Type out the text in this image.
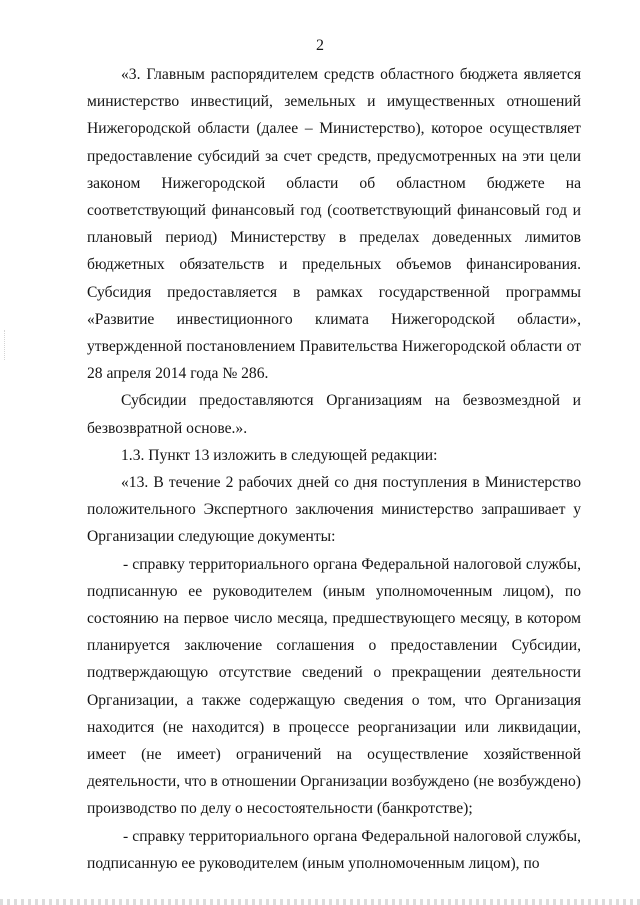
2

«3. Главным распорядителем средств областного бюджета является министерство инвестиций, земельных и имущественных отношений Нижегородской области (далее – Министерство), которое осуществляет предоставление субсидий за счет средств, предусмотренных на эти цели законом Нижегородской области об областном бюджете на соответствующий финансовый год (соответствующий финансовый год и плановый период) Министерству в пределах доведенных лимитов бюджетных обязательств и предельных объемов финансирования. Субсидия предоставляется в рамках государственной программы «Развитие инвестиционного климата Нижегородской области», утвержденной постановлением Правительства Нижегородской области от 28 апреля 2014 года № 286.

Субсидии предоставляются Организациям на безвозмездной и безвозвратной основе.».

1.3. Пункт 13 изложить в следующей редакции:

«13. В течение 2 рабочих дней со дня поступления в Министерство положительного Экспертного заключения министерство запрашивает у Организации следующие документы:

- справку территориального органа Федеральной налоговой службы, подписанную ее руководителем (иным уполномоченным лицом), по состоянию на первое число месяца, предшествующего месяцу, в котором планируется заключение соглашения о предоставлении Субсидии, подтверждающую отсутствие сведений о прекращении деятельности Организации, а также содержащую сведения о том, что Организация находится (не находится) в процессе реорганизации или ликвидации, имеет (не имеет) ограничений на осуществление хозяйственной деятельности, что в отношении Организации возбуждено (не возбуждено) производство по делу о несостоятельности (банкротстве);

- справку территориального органа Федеральной налоговой службы, подписанную ее руководителем (иным уполномоченным лицом), по
